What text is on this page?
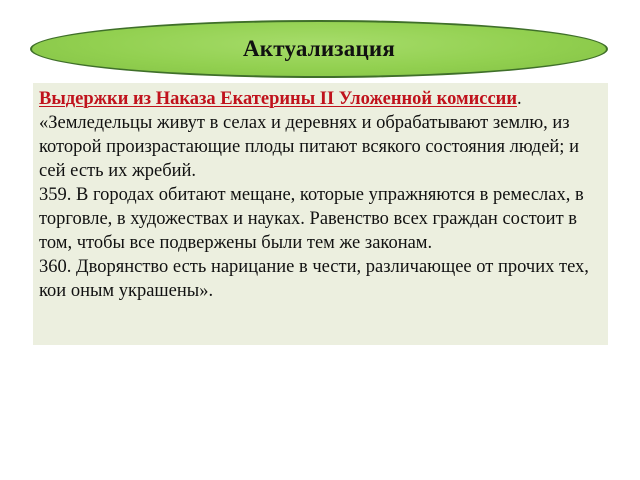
Актуализация

Выдержки из Наказа Екатерины II Уложенной комиссии.

«Земледельцы живут в селах и деревнях и обрабатывают землю, из которой произрастающие плоды питают всякого состояния людей; и сей есть их жребий.

359. В городах обитают мещане, которые упражняются в ремеслах, в торговле, в художествах и науках. Равенство всех граждан состоит в том, чтобы все подвержены были тем же законам.

360. Дворянство есть нарицание в чести, различающее от прочих тех, кои оным украшены».
